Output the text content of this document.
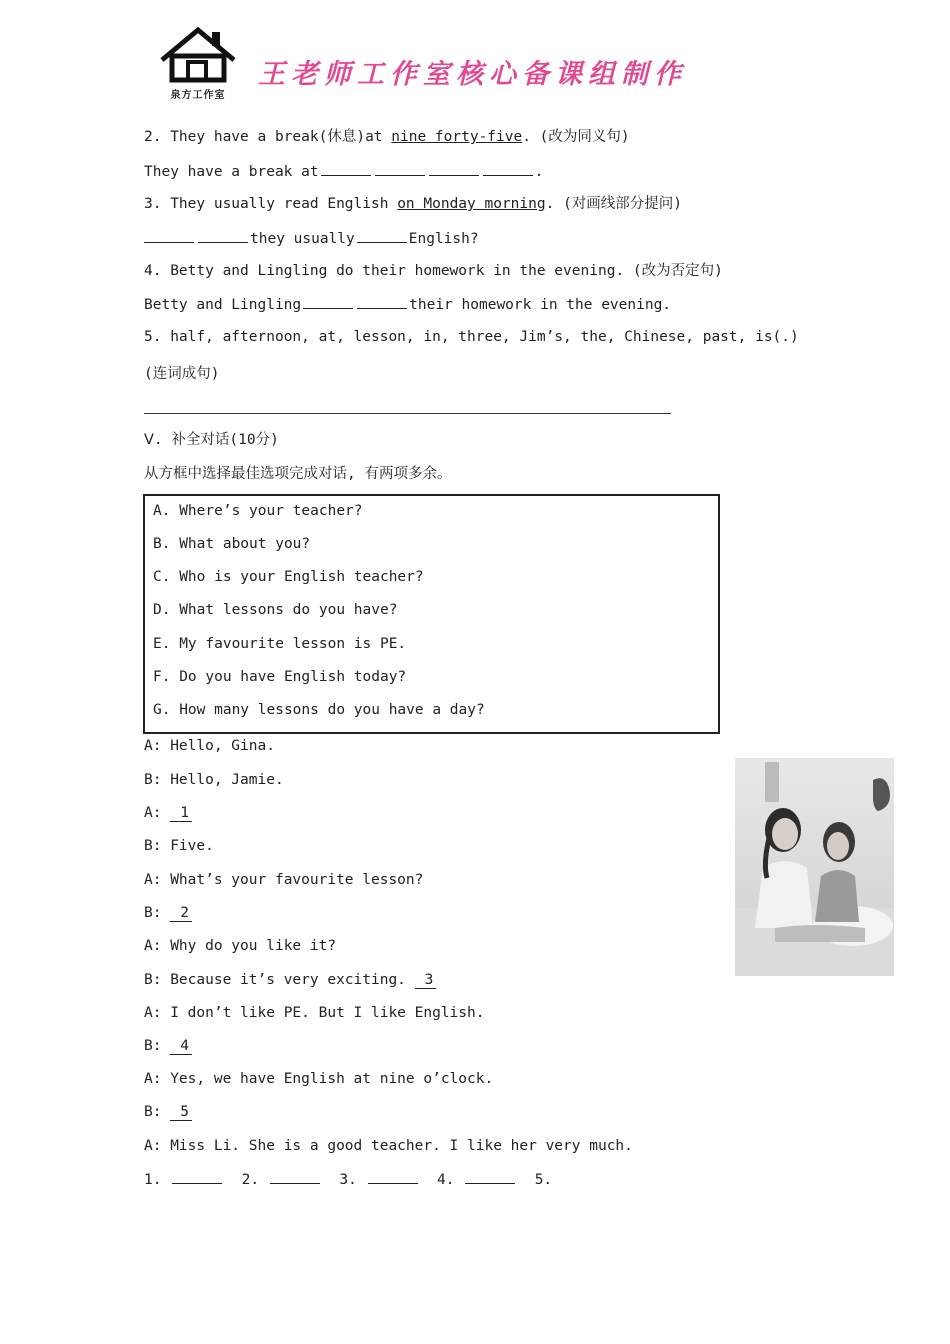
泉方工作室
王老师工作室核心备课组制作
2. They have a break(休息)at nine forty-five. (改为同义句)
They have a break at	.
3. They usually read English on Monday morning. (对画线部分提问)
they usually	English?
4. Betty and Lingling do their homework in the evening. (改为否定句)
Betty and Lingling	their homework in the evening.
5. half, afternoon, at, lesson, in, three, Jim’s, the, Chinese, past, is(.)
(连词成句)
Ⅴ. 补全对话(10分)
从方框中选择最佳选项完成对话, 有两项多余。
A. Where’s your teacher?
B. What about you?
C. Who is your English teacher?
D. What lessons do you have?
E. My favourite lesson is PE.
F. Do you have English today?
G. How many lessons do you have a day?
A: Hello, Gina.
B: Hello, Jamie.
A: 1
B: Five.
A: What’s your favourite lesson?
B: 2
A: Why do you like it?
B: Because it’s very exciting. 3
A: I don’t like PE. But I like English.
B: 4
A: Yes, we have English at nine o’clock.
B: 5
A: Miss Li. She is a good teacher. I like her very much.
1.	2.	3.	4.	5.
